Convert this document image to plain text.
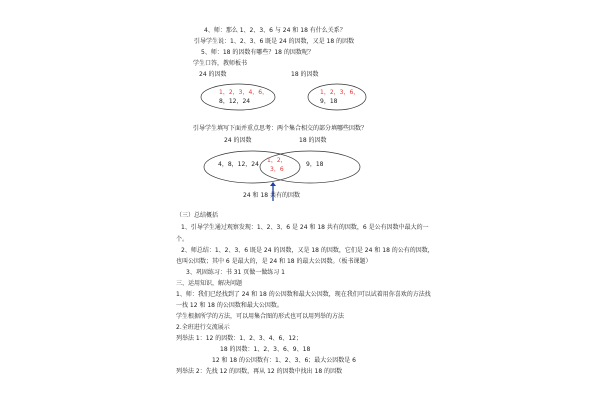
4、师：那么 1、2、3、6 与 24 和 18 有什么关系？
引导学生说：1、2、3、6 既是 24 的因数，又是 18 的因数
5、师：18 的因数有哪些？18 的因数呢？
学生口答，教师板书
24 的因数	18 的因数
1，2，3，4，6，
8，12，24
1，2，3，6，
9，18
引导学生填写下面并重点思考：两个集合相交的部分填哪些因数？
24 的因数	18 的因数
4，8，12，24
1，2，
3，6
9，18
24 和 18 共有的因数
（三）总结概括
1、引导学生通过观察发现：1、2、3、6 是 24 和 18 共有的因数，6 是公有因数中最大的一
个。
2、师总结：1、2、3、6 既是 24 的因数，又是 18 的因数，它们是 24 和 18 的公有的因数，
也叫公因数；其中 6 是最大的，是 24 和 18 的最大公因数。（板书课题）
3、巩固练习：书 31 页做一做练习 1
三、运用知识，解决问题
1、师：我们已经找到了 24 和 18 的公因数和最大公因数，现在我们可以试着用你喜欢的方法找
一找 12 和 18 的公因数和最大公因数。
学生根据所学的方法，可以用集合图的形式也可以用列举的方法
2.全班进行交流展示
列举法 1：12 的因数：1、2、3、4、6、12；
18 的因数：1、2、3、6、9、18
12 和 18 的公因数有：1、2、3、6；最大公因数是 6
列举法 2：先找 12 的因数，再从 12 的因数中找出 18 的因数
